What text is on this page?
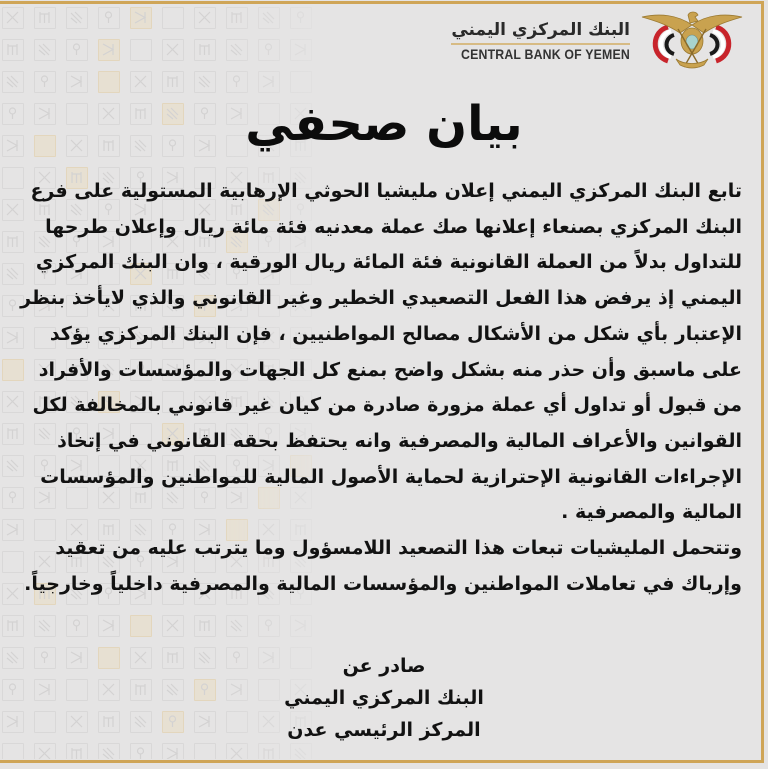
البنك المركزي اليمني
CENTRAL BANK OF YEMEN
بيان صحفي

تابع البنك المركزي اليمني إعلان مليشيا الحوثي الإرهابية المستولية على فرع
البنك المركزي بصنعاء إعلانها صك عملة معدنيه فئة مائة ريال وإعلان طرحها
للتداول بدلاً من العملة القانونية فئة المائة ريال الورقية ، وان البنك المركزي
اليمني إذ يرفض هذا الفعل التصعيدي الخطير وغير القانوني والذي لايأخذ بنظر
الإعتبار بأي شكل من الأشكال مصالح المواطنيين ، فإن البنك المركزي يؤكد
على ماسبق وأن حذر منه بشكل واضح بمنع كل الجهات والمؤسسات والأفراد
من قبول أو تداول أي عملة مزورة صادرة من كيان غير قانوني بالمخالفة لكل
القوانين والأعراف المالية والمصرفية وانه يحتفظ بحقه القانوني في إتخاذ
الإجراءات القانونية الإحترازية لحماية الأصول المالية للمواطنين والمؤسسات
المالية والمصرفية .

وتتحمل المليشيات تبعات هذا التصعيد اللامسؤول وما يترتب عليه من تعقيد
وإرباك في تعاملات المواطنين والمؤسسات المالية والمصرفية داخلياً وخارجياً.

صادر عن
البنك المركزي اليمني
المركز الرئيسي عدن
